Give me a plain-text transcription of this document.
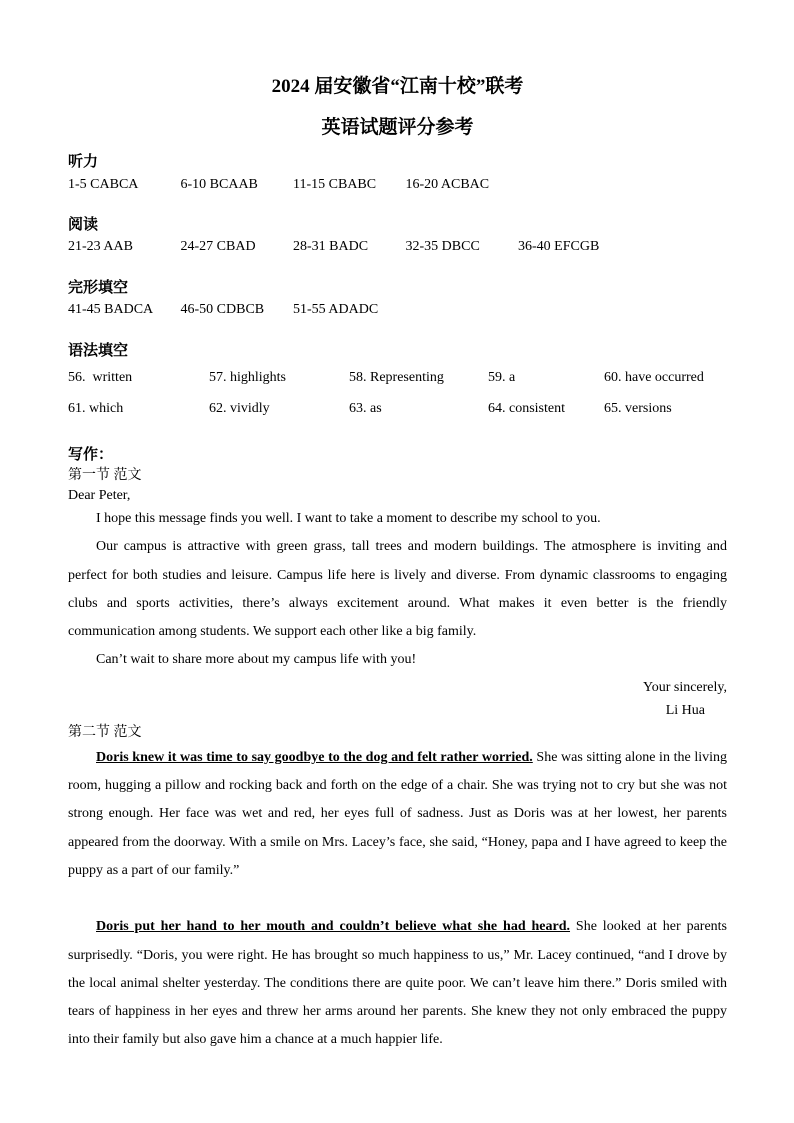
2024 届安徽省“江南十校”联考
英语试题评分参考
听力
1-5 CABCA	6-10 BCAAB	11-15 CBABC	16-20 ACBAC
阅读
21-23 AAB	24-27 CBAD	28-31 BADC	32-35 DBCC	36-40 EFCGB
完形填空
41-45 BADCA	46-50 CDBCB	51-55 ADADC
语法填空
56.  written	57. highlights	58. Representing	59. a	60. have occurred
61. which	62. vividly	63. as	64. consistent	65. versions
写作：
第一节 范文
Dear Peter,

I hope this message finds you well. I want to take a moment to describe my school to you.

Our campus is attractive with green grass, tall trees and modern buildings. The atmosphere is inviting and perfect for both studies and leisure. Campus life here is lively and diverse. From dynamic classrooms to engaging clubs and sports activities, there’s always excitement around. What makes it even better is the friendly communication among students. We support each other like a big family.

Can’t wait to share more about my campus life with you!

Your sincerely,
Li Hua
第二节 范文

Doris knew it was time to say goodbye to the dog and felt rather worried. She was sitting alone in the living room, hugging a pillow and rocking back and forth on the edge of a chair. She was trying not to cry but she was not strong enough. Her face was wet and red, her eyes full of sadness. Just as Doris was at her lowest, her parents appeared from the doorway. With a smile on Mrs. Lacey’s face, she said, “Honey, papa and I have agreed to keep the puppy as a part of our family.”

Doris put her hand to her mouth and couldn’t believe what she had heard. She looked at her parents surprisedly. “Doris, you were right. He has brought so much happiness to us,” Mr. Lacey continued, “and I drove by the local animal shelter yesterday. The conditions there are quite poor. We can’t leave him there.” Doris smiled with tears of happiness in her eyes and threw her arms around her parents. She knew they not only embraced the puppy into their family but also gave him a chance at a much happier life.
